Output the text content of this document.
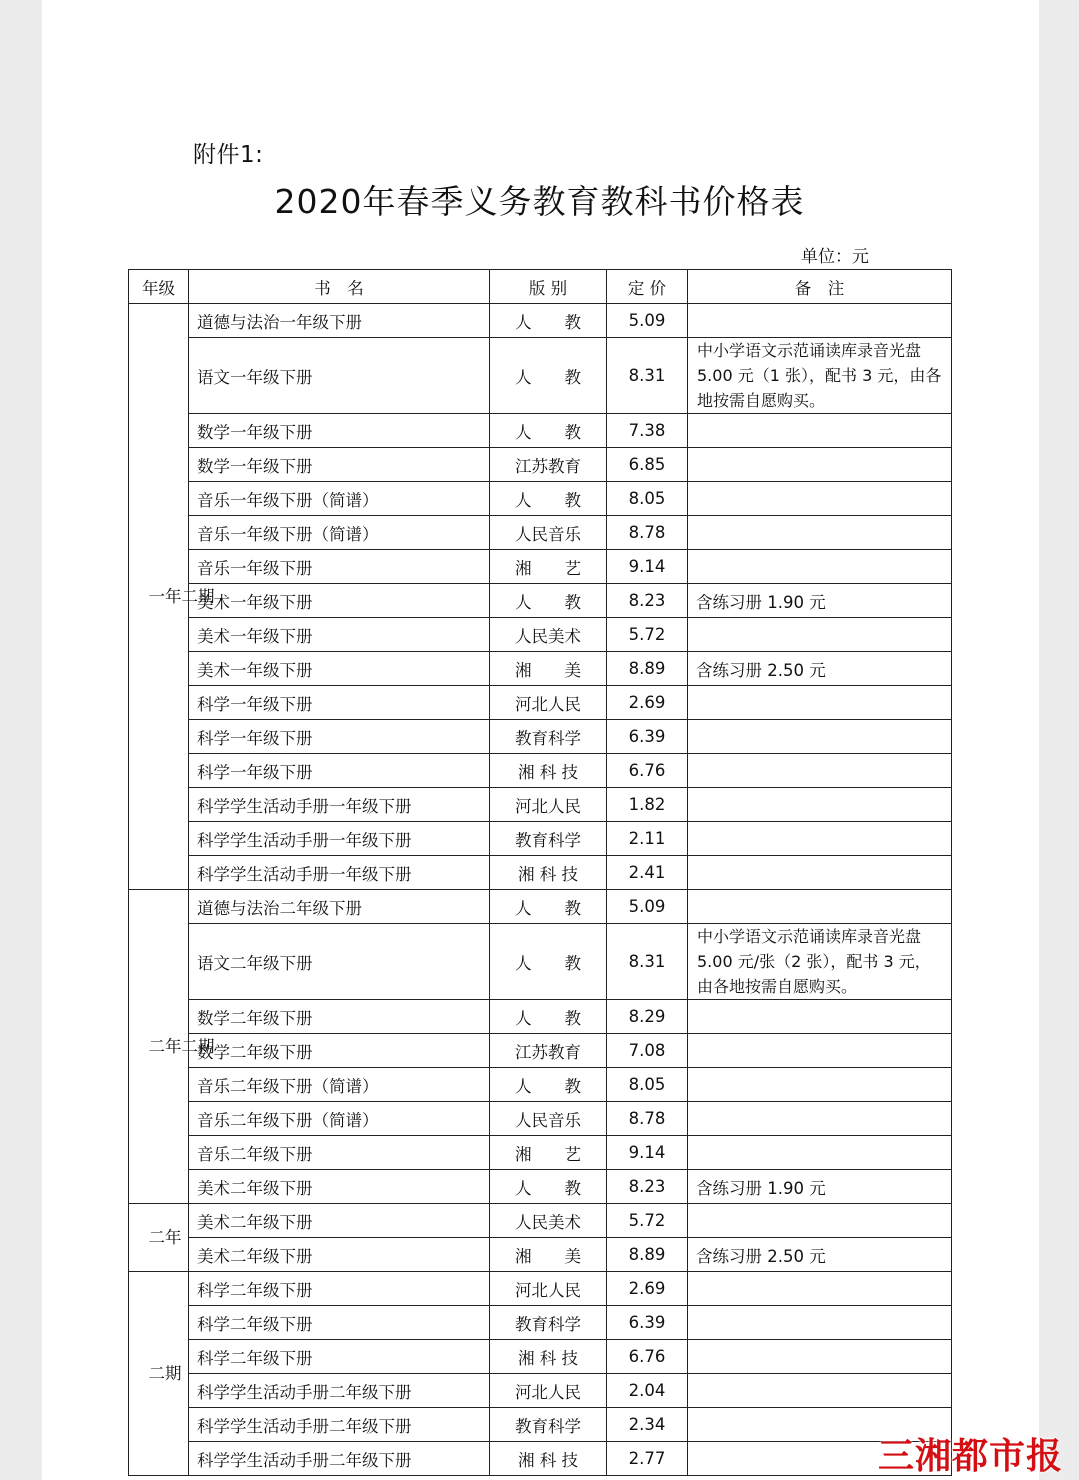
附件1:
2020年春季义务教育教科书价格表
单位：元
年级	书　名	版 别	定 价	备　注

一年二期	道德与法治一年级下册	人　　教	5.09	
	语文一年级下册	人　　教	8.31	中小学语文示范诵读库录音光盘 5.00 元（1 张），配书 3 元，由各地按需自愿购买。
	数学一年级下册	人　　教	7.38	
	数学一年级下册	江苏教育	6.85	
	音乐一年级下册（简谱）	人　　教	8.05	
	音乐一年级下册（简谱）	人民音乐	8.78	
	音乐一年级下册	湘　　艺	9.14	
	美术一年级下册	人　　教	8.23	含练习册 1.90 元
	美术一年级下册	人民美术	5.72	
	美术一年级下册	湘　　美	8.89	含练习册 2.50 元
	科学一年级下册	河北人民	2.69	
	科学一年级下册	教育科学	6.39	
	科学一年级下册	湘 科 技	6.76	
	科学学生活动手册一年级下册	河北人民	1.82	
	科学学生活动手册一年级下册	教育科学	2.11	
	科学学生活动手册一年级下册	湘 科 技	2.41	

二年二期	道德与法治二年级下册	人　　教	5.09	
	语文二年级下册	人　　教	8.31	中小学语文示范诵读库录音光盘 5.00 元/张（2 张），配书 3 元，由各地按需自愿购买。
	数学二年级下册	人　　教	8.29	
	数学二年级下册	江苏教育	7.08	
	音乐二年级下册（简谱）	人　　教	8.05	
	音乐二年级下册（简谱）	人民音乐	8.78	
	音乐二年级下册	湘　　艺	9.14	
	美术二年级下册	人　　教	8.23	含练习册 1.90 元

二年	美术二年级下册	人民美术	5.72	
	美术二年级下册	湘　　美	8.89	含练习册 2.50 元

二期	科学二年级下册	河北人民	2.69	
	科学二年级下册	教育科学	6.39	
	科学二年级下册	湘 科 技	6.76	
	科学学生活动手册二年级下册	河北人民	2.04	
	科学学生活动手册二年级下册	教育科学	2.34	
	科学学生活动手册二年级下册	湘 科 技	2.77		三湘都市报
